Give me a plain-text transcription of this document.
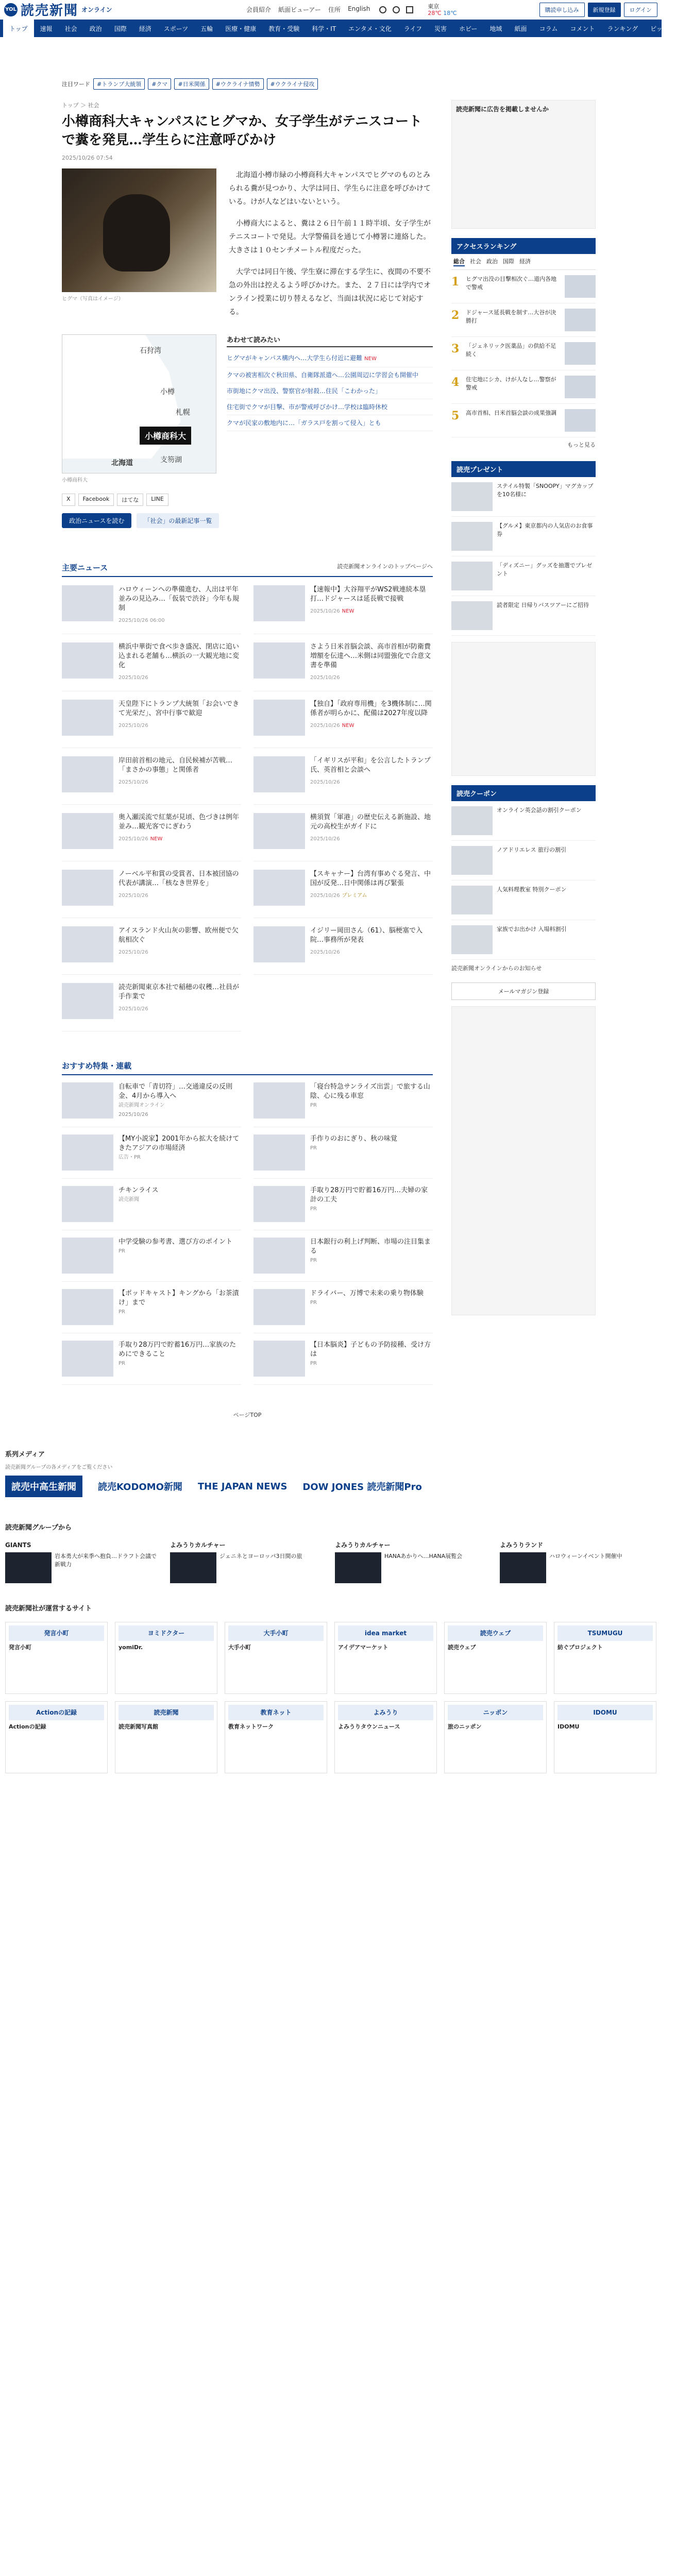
YOL 読売新聞 オンライン	会員紹介 紙面ビューアー 住所 English	東京
28℃ 18℃	購読申し込み	新規登録	ログイン
トップ	速報	社会	政治	国際	経済	スポーツ	五輪	医療・健康	教育・受験	科学・IT	エンタメ・文化	ライフ	災害	ホビー	地域	紙面	コラム	コメント	ランキング	ピックアップ
注目ワード	#トランプ大統領	#クマ	#日米関係	#ウクライナ情勢	#ウクライナ侵攻
トップ ＞ 社会
小樽商科大キャンパスにヒグマか、女子学生がテニスコートで糞を発見…学生らに注意呼びかけ
2025/10/26 07:54
ヒグマ（写真はイメージ）

北海道小樽市緑の小樽商科大キャンパスでヒグマのものとみられる糞が見つかり、大学は同日、学生らに注意を呼びかけている。けが人などはいないという。

小樽商大によると、糞は２６日午前１１時半頃、女子学生がテニスコートで発見。大学警備員を通じて小樽署に連絡した。大きさは１０センチメートル程度だった。

大学では同日午後、学生寮に滞在する学生に、夜間の不要不急の外出は控えるよう呼びかけた。また、２７日には学内でオンライン授業に切り替えるなど、当面は状況に応じて対応する。

石狩湾
小樽
札幌
小樽商科大
支笏湖
北海道
小樽商科大
あわせて読みたい
ヒグマがキャンパス構内へ…大学生ら付近に避難 NEW
クマの被害相次ぐ秋田県、自衛隊派遣へ…公園周辺に学習会も開催中
市街地にクマ出没、警察官が射殺…住民「こわかった」
住宅街でクマが目撃、市が警戒呼びかけ…学校は臨時休校
クマが民家の敷地内に…「ガラス戸を割って侵入」とも
X	Facebook	はてな	LINE
政治ニュースを読む	「社会」の最新記事一覧
主要ニュース	読売新聞オンラインのトップページへ
ハロウィーンへの準備進む、人出は平年並みの見込み…「仮装で渋谷」今年も規制
2025/10/26 06:00
【速報中】大谷翔平がWS2戦連続本塁打…ドジャースは延長戦で接戦
2025/10/26 NEW
横浜中華街で食べ歩き盛況、閉店に追い込まれる老舗も…横浜の一大観光地に変化
2025/10/26
さよう日米首脳会談、高市首相が防衛費増額を伝達へ…米側は同盟強化で合意文書を準備
2025/10/26
天皇陛下にトランプ大統領「お会いできて光栄だ」、宮中行事で歓迎
2025/10/26
【独自】「政府専用機」を3機体制に…関係者が明らかに、配備は2027年度以降
2025/10/26 NEW
岸田前首相の地元、自民候補が苦戦…「まさかの事態」と関係者
2025/10/26
「イギリスが平和」を公言したトランプ氏、英首相と会談へ
2025/10/26
奥入瀬渓流で紅葉が見頃、色づきは例年並み…観光客でにぎわう
2025/10/26 NEW
横須賀「軍港」の歴史伝える新施設、地元の高校生がガイドに
2025/10/26
ノーベル平和賞の受賞者、日本被団協の代表が講演…「核なき世界を」
2025/10/26
【スキャナー】台湾有事めぐる発言、中国が反発…日中関係は再び緊張
2025/10/26 プレミアム
アイスランド火山灰の影響、欧州便で欠航相次ぐ
2025/10/26
イジリー岡田さん（61）、脳梗塞で入院…事務所が発表
2025/10/26
読売新聞東京本社で稲穂の収穫…社員が手作業で
2025/10/26
おすすめ特集・連載
自転車で「青切符」…交通違反の反則金、4月から導入へ
読売新聞オンライン
2025/10/26
「寝台特急サンライズ出雲」で旅する山陰、心に残る車窓
PR
【MY小説家】2001年から拡大を続けてきたアジアの市場経済
広告・PR
手作りのおにぎり、秋の味覚
PR
チキンライス
読売新聞
手取り28万円で貯蓄16万円…夫婦の家計の工夫
PR
中学受験の参考書、選び方のポイント
PR
日本銀行の利上げ判断、市場の注目集まる
PR
【ポッドキャスト】キングから「お茶漬け」まで
PR
ドライバー、万博で未来の乗り物体験
PR
手取り28万円で貯蓄16万円…家族のためにできること
PR
【日本脳炎】子どもの予防接種、受け方は
PR
ページTOP
読売新聞に広告を掲載しませんか
アクセスランキング
総合 社会 政治 国際 経済
1	ヒグマ出没の目撃相次ぐ…道内各地で警戒
2	ドジャース延長戦を制す…大谷が決勝打
3	「ジェネリック医薬品」の供給不足続く
4	住宅地にシカ、けが人なし…警察が警戒
5	高市首相、日米首脳会談の成果強調
もっと見る
読売プレゼント
ステイル特製「SNOOPY」マグカップを10名様に
【グルメ】東京都内の人気店のお食事券
「ディズニー」グッズを抽選でプレゼント
読者限定 日帰りバスツアーにご招待
読売クーポン
オンライン英会話の割引クーポン
ノアドリエレス 旅行の割引
人気料理教室 特別クーポン
家族でお出かけ 入場料割引
読売新聞オンラインからのお知らせ
メールマガジン登録
系列メディア
読売新聞グループの各メディアをご覧ください
読売中高生新聞	読売KODOMO新聞 THE JAPAN NEWS DOW JONES 読売新聞Pro
読売新聞グループから
GIANTS
岩本勇大が来季へ抱負…ドラフト会議で新戦力
よみうりカルチャー
ジェニネとヨーロッパ3日間の旅
よみうりカルチャー
HANAあかりへ…HANA展覧会
よみうりランド
ハロウィーンイベント開催中
読売新聞社が運営するサイト
発言小町
発言小町
ヨミドクター
yomiDr.
大手小町
大手小町
idea market
アイデアマーケット
読売ウェブ
読売ウェブ
TSUMUGU
紡ぐプロジェクト
Actionの記録
Actionの記録
読売新聞
読売新聞写真館
教育ネット
教育ネットワーク
よみうり
よみうりタウンニュース
ニッポン
旅のニッポン
IDOMU
IDOMU
